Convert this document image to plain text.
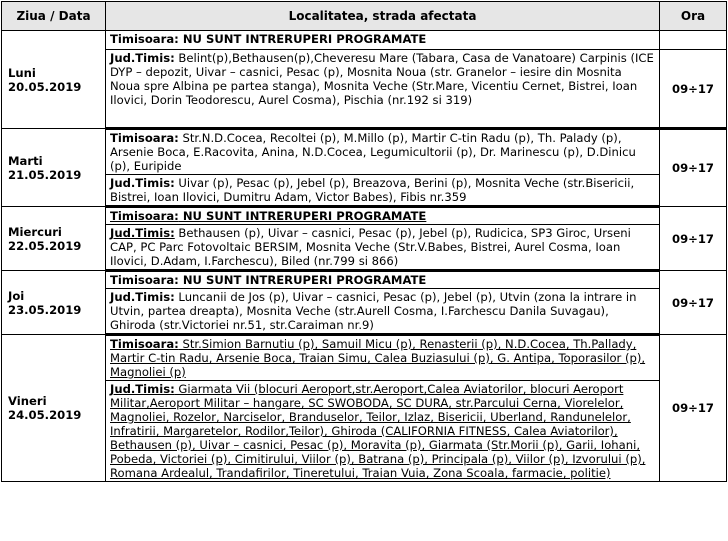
Ziua / Data	Localitatea, strada afectata	Ora

Luni
20.05.2019	Timisoara: NU SUNT INTRERUPERI PROGRAMATE	
	Jud.Timis: Belint(p),Bethausen(p),Cheveresu Mare (Tabara, Casa de Vanatoare) Carpinis (ICE DYP – depozit, Uivar – casnici, Pesac (p), Mosnita Noua (str. Granelor – iesire din Mosnita Noua spre Albina pe partea stanga), Mosnita Veche (Str.Mare, Vicentiu Cernet, Bistrei, Ioan Ilovici, Dorin Teodorescu, Aurel Cosma), Pischia (nr.192 si 319)	09÷17

Marti
21.05.2019	Timisoara: Str.N.D.Cocea, Recoltei (p), M.Millo (p), Martir C-tin Radu (p), Th. Palady (p), Arsenie Boca, E.Racovita, Anina, N.D.Cocea, Legumicultorii (p), Dr. Marinescu (p), D.Dinicu (p), Euripide	09÷17
	Jud.Timis: Uivar (p), Pesac (p), Jebel (p), Breazova, Berini (p), Mosnita Veche (str.Bisericii, Bistrei, Ioan Ilovici, Dumitru Adam, Victor Babes), Fibis nr.359	

Miercuri
22.05.2019	Timisoara: NU SUNT INTRERUPERI PROGRAMATE	09÷17
	Jud.Timis: Bethausen (p), Uivar – casnici, Pesac (p), Jebel (p), Rudicica, SP3 Giroc, Urseni CAP, PC Parc Fotovoltaic BERSIM, Mosnita Veche (Str.V.Babes, Bistrei, Aurel Cosma, Ioan Ilovici, D.Adam, I.Farchescu), Biled (nr.799 si 866)	

Joi
23.05.2019	Timisoara: NU SUNT INTRERUPERI PROGRAMATE	09÷17
	Jud.Timis: Luncanii de Jos (p), Uivar – casnici, Pesac (p), Jebel (p), Utvin (zona la intrare in Utvin, partea dreapta), Mosnita Veche (str.Aurell Cosma, I.Farchescu Danila Suvagau), Ghiroda (str.Victoriei nr.51, str.Caraiman nr.9)	

Vineri
24.05.2019	Timisoara: Str.Simion Barnutiu (p), Samuil Micu (p), Renasterii (p), N.D.Cocea, Th.Pallady, Martir C-tin Radu, Arsenie Boca, Traian Simu, Calea Buziasului (p), G. Antipa, Toporasilor (p), Magnoliei (p)	09÷17
	Jud.Timis: Giarmata Vii (blocuri Aeroport,str.Aeroport,Calea Aviatorilor, blocuri Aeroport Militar,Aeroport Militar – hangare, SC SWOBODA, SC DURA, str.Parcului Cerna, Viorelelor, Magnoliei, Rozelor, Narciselor, Branduselor, Teilor, Izlaz, Bisericii, Uberland, Randunelelor, Infratirii, Margaretelor, Rodilor,Teilor), Ghiroda (CALIFORNIA FITNESS, Calea Aviatorilor), Bethausen (p), Uivar – casnici, Pesac (p), Moravita (p), Giarmata (Str.Morii (p), Garii, Iohani, Pobeda, Victoriei (p), Cimitirului, Viilor (p), Batrana (p), Principala (p), Viilor (p), Izvorului (p), Romana Ardealul, Trandafirilor, Tineretului, Traian Vuia, Zona Scoala, farmacie, politie)	
